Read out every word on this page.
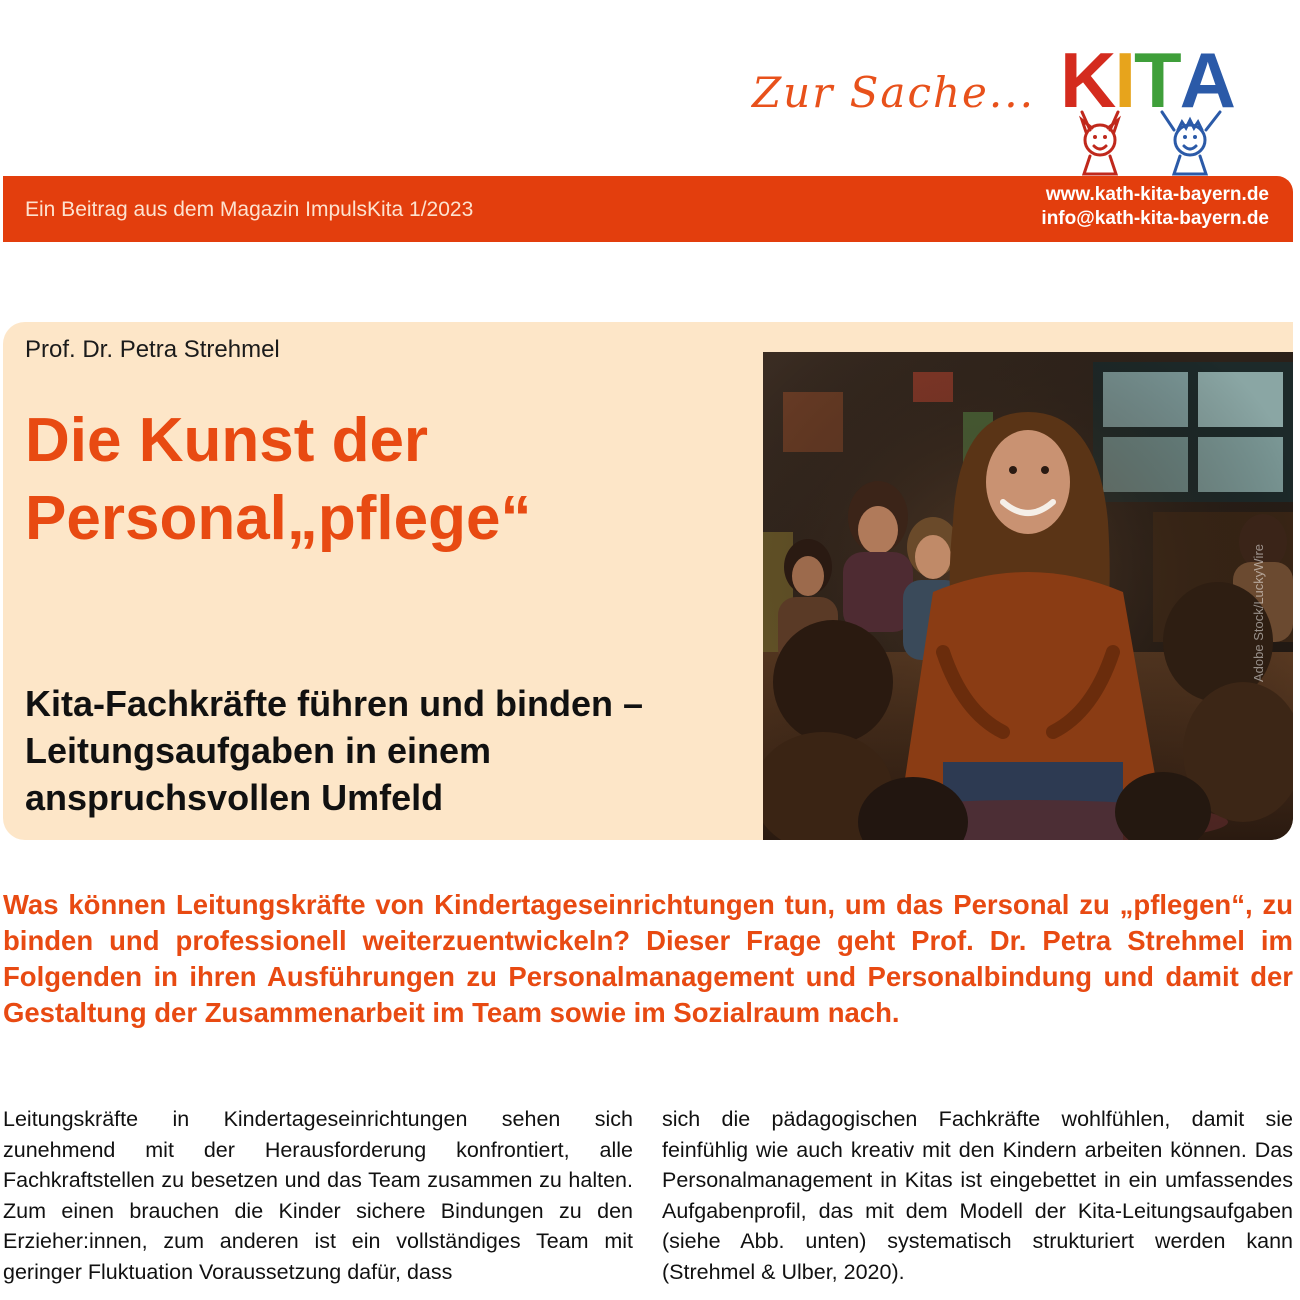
Zur Sache... KITA
Ein Beitrag aus dem Magazin ImpulsKita 1/2023
www.kath-kita-bayern.de
info@kath-kita-bayern.de
Prof. Dr. Petra Strehmel
Die Kunst der
Personal„pflege“
Kita-Fachkräfte führen und binden –
Leitungsaufgaben in einem
anspruchsvollen Umfeld
Adobe Stock/LuckyWire

Was können Leitungskräfte von Kindertageseinrichtungen tun, um das Personal zu „pflegen“, zu binden und professionell weiterzuentwickeln? Dieser Frage geht Prof. Dr. Petra Strehmel im Folgenden in ihren Ausführungen zu Personalmanagement und Personalbindung und damit der Gestaltung der Zusammenarbeit im Team sowie im Sozialraum nach.

Leitungskräfte in Kindertageseinrichtungen sehen sich zunehmend mit der Herausforderung konfrontiert, alle Fachkraftstellen zu besetzen und das Team zusammen zu halten. Zum einen brauchen die Kinder sichere Bindungen zu den Erzieher:innen, zum anderen ist ein vollständiges Team mit geringer Fluktuation Voraussetzung dafür, dass

sich die pädagogischen Fachkräfte wohlfühlen, damit sie feinfühlig wie auch kreativ mit den Kindern arbeiten können. Das Personalmanagement in Kitas ist eingebettet in ein umfassendes Aufgabenprofil, das mit dem Modell der Kita-Leitungsaufgaben (siehe Abb. unten) systematisch strukturiert werden kann (Strehmel & Ulber, 2020).
